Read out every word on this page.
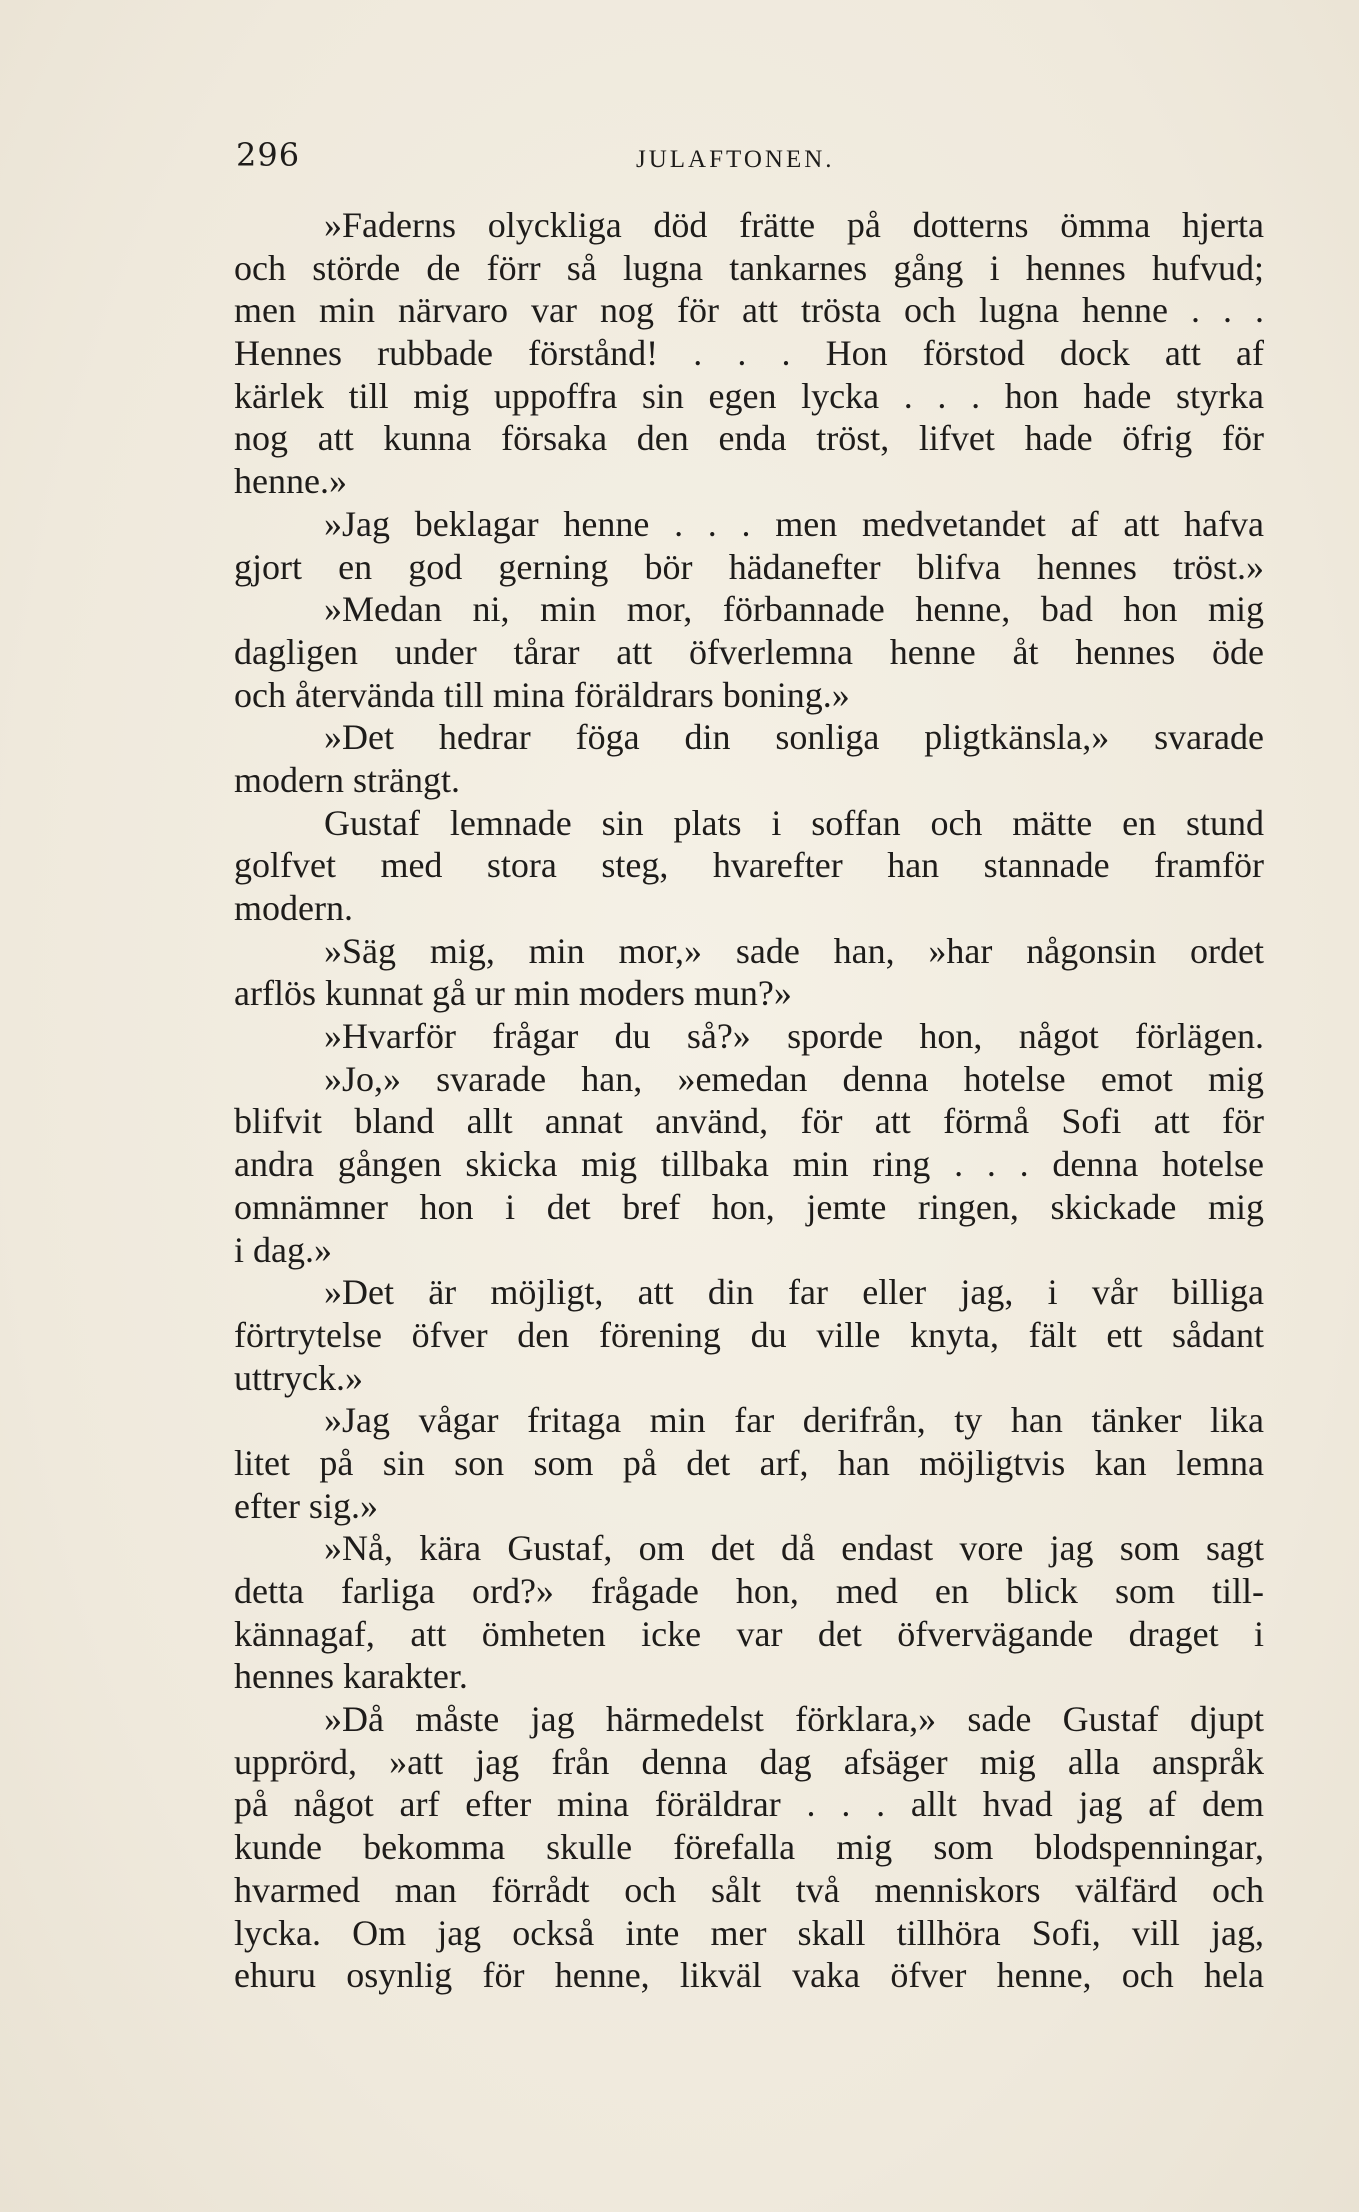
296	JULAFTONEN.
»Faderns olyckliga död frätte på dotterns ömma hjerta
och störde de förr så lugna tankarnes gång i hennes hufvud;
men min närvaro var nog för att trösta och lugna henne . . .
Hennes rubbade förstånd! . . . Hon förstod dock att af
kärlek till mig uppoffra sin egen lycka . . . hon hade styrka
nog att kunna försaka den enda tröst, lifvet hade öfrig för
henne.»
»Jag beklagar henne . . . men medvetandet af att hafva
gjort en god gerning bör hädanefter blifva hennes tröst.»
»Medan ni, min mor, förbannade henne, bad hon mig
dagligen under tårar att öfverlemna henne åt hennes öde
och återvända till mina föräldrars boning.»
»Det hedrar föga din sonliga pligtkänsla,» svarade
modern strängt.
Gustaf lemnade sin plats i soffan och mätte en stund
golfvet med stora steg, hvarefter han stannade framför
modern.
»Säg mig, min mor,» sade han, »har någonsin ordet
arflös kunnat gå ur min moders mun?»
»Hvarför frågar du så?» sporde hon, något förlägen.
»Jo,» svarade han, »emedan denna hotelse emot mig
blifvit bland allt annat använd, för att förmå Sofi att för
andra gången skicka mig tillbaka min ring . . . denna hotelse
omnämner hon i det bref hon, jemte ringen, skickade mig
i dag.»
»Det är möjligt, att din far eller jag, i vår billiga
förtrytelse öfver den förening du ville knyta, fält ett sådant
uttryck.»
»Jag vågar fritaga min far derifrån, ty han tänker lika
litet på sin son som på det arf, han möjligtvis kan lemna
efter sig.»
»Nå, kära Gustaf, om det då endast vore jag som sagt
detta farliga ord?» frågade hon, med en blick som till-
kännagaf, att ömheten icke var det öfvervägande draget i
hennes karakter.
»Då måste jag härmedelst förklara,» sade Gustaf djupt
upprörd, »att jag från denna dag afsäger mig alla anspråk
på något arf efter mina föräldrar . . . allt hvad jag af dem
kunde bekomma skulle förefalla mig som blodspenningar,
hvarmed man förrådt och sålt två menniskors välfärd och
lycka. Om jag också inte mer skall tillhöra Sofi, vill jag,
ehuru osynlig för henne, likväl vaka öfver henne, och hela
